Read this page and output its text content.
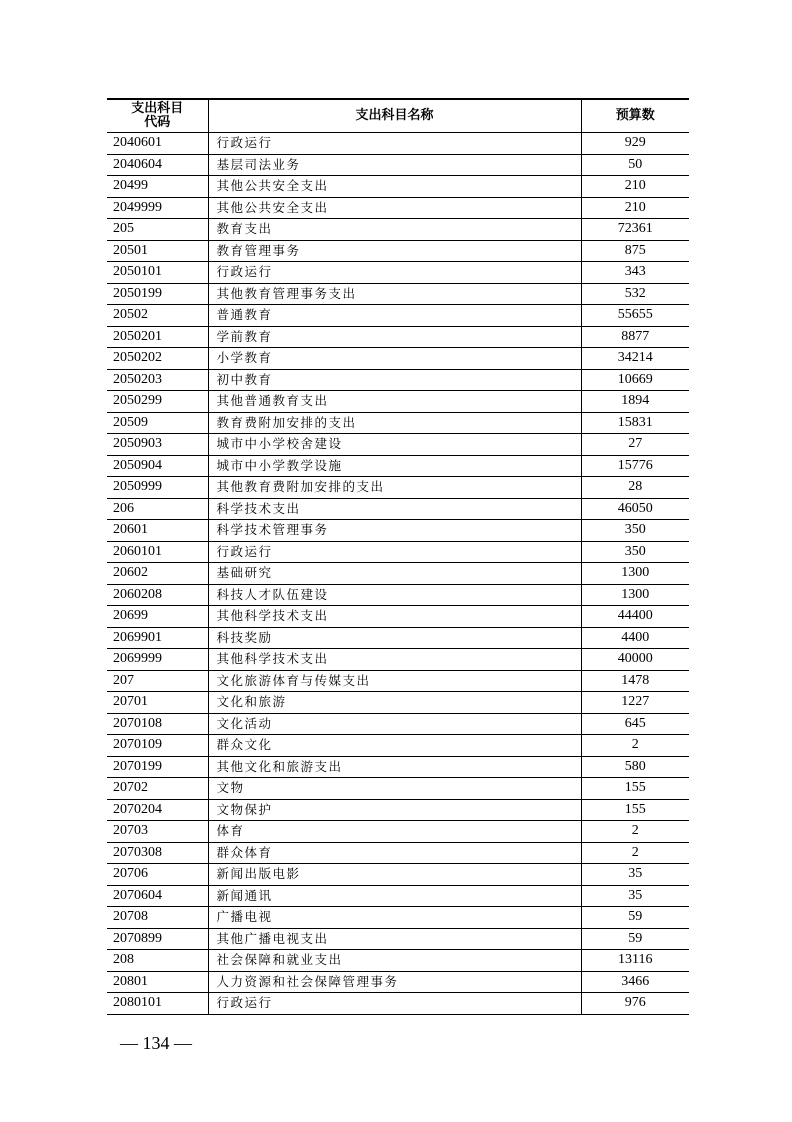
支出科目代码	支出科目名称	预算数
2040601	行政运行	929
2040604	基层司法业务	50
20499	其他公共安全支出	210
2049999	其他公共安全支出	210
205	教育支出	72361
20501	教育管理事务	875
2050101	行政运行	343
2050199	其他教育管理事务支出	532
20502	普通教育	55655
2050201	学前教育	8877
2050202	小学教育	34214
2050203	初中教育	10669
2050299	其他普通教育支出	1894
20509	教育费附加安排的支出	15831
2050903	城市中小学校舍建设	27
2050904	城市中小学教学设施	15776
2050999	其他教育费附加安排的支出	28
206	科学技术支出	46050
20601	科学技术管理事务	350
2060101	行政运行	350
20602	基础研究	1300
2060208	科技人才队伍建设	1300
20699	其他科学技术支出	44400
2069901	科技奖励	4400
2069999	其他科学技术支出	40000
207	文化旅游体育与传媒支出	1478
20701	文化和旅游	1227
2070108	文化活动	645
2070109	群众文化	2
2070199	其他文化和旅游支出	580
20702	文物	155
2070204	文物保护	155
20703	体育	2
2070308	群众体育	2
20706	新闻出版电影	35
2070604	新闻通讯	35
20708	广播电视	59
2070899	其他广播电视支出	59
208	社会保障和就业支出	13116
20801	人力资源和社会保障管理事务	3466
2080101	行政运行	976
— 134 —
